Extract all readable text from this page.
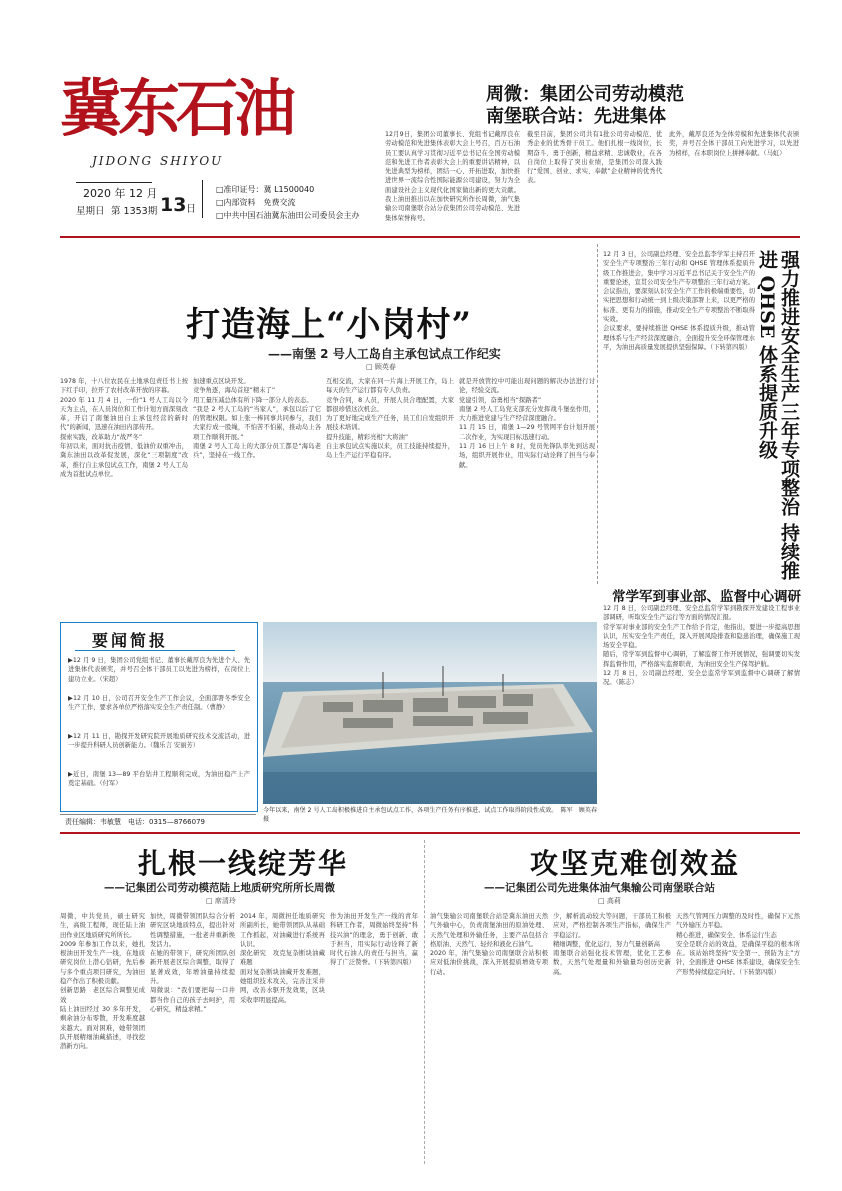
冀东石油
JIDONG SHIYOU
2020 年 12 月
星期日 第 1353期 13 日
□准印证号：冀 L1500040
□内部资料　免费交流
□中共中国石油冀东油田公司委员会主办
周微：集团公司劳动模范
南堡联合站：先进集体
12月9日，集团公司董事长、党组书记戴厚良在劳动模范和先进集体表彰大会上号召，百万石油员工要认真学习贯彻习近平总书记在全国劳动模范和先进工作者表彰大会上的重要讲话精神，以先进典型为榜样，团结一心、开拓进取，加快推进世界一流综合性国际能源公司建设，努力为全面建设社会主义现代化国家做出新的更大贡献。我上油田推出以在加快研究所作长周微，油气集输公司南堡联合站分获集团公司劳动模范、先进集体荣誉称号。
截至目前，集团公司共有1批公司劳动模范、优秀企业的优秀骨干员工。他们扎根一线岗位，长期奋斗、勇于创新，精益求精、忠诚敬业，在各自岗位上取得了突出业绩，是集团公司深入践行“爱国、创业、求实、奉献”企业精神的优秀代表。
此外，戴厚良还为全体劳模和先进集体代表颁奖，并号召全体干部员工向先进学习，以先进为榜样，在本职岗位上拼搏奉献。（马虹）
打造海上“小岗村”
——南堡 2 号人工岛自主承包试点工作纪实
□ 顾英春
1978 年，十八位农民在土地承包责任书上按下红手印，拉开了农村改革开放的序幕。
2020 年 11 月 4 日，一份“1 号人工岛以今天为主点，在人员岗位和工作计划方面深刻改革，开启了南堡油田自主承包经营的新时代”的新闻，迅速在油田内部传开。
探索实践，改革助力“战严冬”
年初以来，面对抗击疫情、低油价双重冲击，冀东油田以改革促发展，深化“三项制度”改革，推行自主承包试点工作，南堡 2 号人工岛成为首批试点单位。
加速重点区块开发。
竞争角逐，海岛首迎“精末了”
用工量压减总体有所下降一部分人的表态。
“我是 2 号人工岛的“当家人”，承包以后了它的管理权限。如上张一棒同事共同参与，我们大家拧成一股绳，不怕苦不怕累，推动岛上各项工作顺利开展。”
南堡 2 号人工岛上的大部分员工都是“海岛老兵”，坚持在一线工作。
互相交流，大家在同一片海上开展工作，岛上每天的生产运行都有专人负责。
竞争合同，8 人员，开展人员合理配置，大家都很珍惜这次机会。
为了更好地完成生产任务，员工们自发组织开展技术培训。
提升技能，精彩亮相“大将油”
自主承包试点实施以来，员工技能持续提升，岛上生产运行平稳有序。
就是开放管控中可能出现问题的解决办法进行讨论，经验交流。
党建引领，奋勇相当“探路者”
南堡 2 号人工岛党支部充分发挥战斗堡垒作用，大力推进党建与生产经营深度融合。
11 月 15 日，南堡 1—29 号管网平台计划开展二次作业，为实现目标迅速行动。
11 月 16 日上午 8 时，党员先锋队率先到达现场，组织开展作业，用实际行动诠释了担当与奉献。	强力推进安全生产三年专项整治 持续推进 QHSE 体系提质升级
12 月 3 日，公司副总经理、安全总监李学军主持召开安全生产专项整治三年行动和 QHSE 管理体系提质升级工作推进会，集中学习习近平总书记关于安全生产的重要论述，宣贯公司安全生产专项整治三年行动方案。
会议指出，要深刻认识安全生产工作的极端重要性，切实把思想和行动统一到上级决策部署上来，以更严格的标准、更有力的措施，推动安全生产专项整治不断取得实效。
会议要求，要持续推进 QHSE 体系提质升级，推动管理体系与生产经营深度融合，全面提升安全环保管理水平，为油田高质量发展提供坚强保障。（下转第四版）
常学军到事业部、监督中心调研
12 月 8 日，公司副总经理、安全总监常学军到勘探开发建设工程事业部调研，听取安全生产运行等方面的情况汇报。
常学军对事业部的安全生产工作给予肯定，他指出，要进一步提高思想认识，压实安全生产责任，深入开展风险排查和隐患治理，确保施工现场安全平稳。
随后，常学军到监督中心调研，了解监督工作开展情况，强调要切实发挥监督作用，严格落实监督职责，为油田安全生产保驾护航。
12 月 8 日，公司副总经理、安全总监常学军到监督中心调研了解情况。（陈志）
要闻简报
▶12 月 9 日，集团公司党组书记、董事长戴厚良为先进个人、先进集体代表颁奖，并号召全体干部员工以先进为榜样，在岗位上建功立业。（宋超）
▶12 月 10 日，公司召开安全生产工作会议，全面部署冬季安全生产工作，要求各单位严格落实安全生产责任制。（曹静）
▶12 月 11 日，勘探开发研究院开展地质研究技术交流活动，进一步提升科研人员创新能力。（魏乐言 安丽芳）
▶近日，南堡 13—89 平台钻井工程顺利完成，为油田稳产上产奠定基础。（付军）
今年以来，南堡 2 号人工岛积极推进自主承包试点工作，各项生产任务有序推进，试点工作取得阶段性成效。　陈军　顾英春　摄
责任编辑：韦敏慧　电话：0315—8766079
扎根一线绽芳华
——记集团公司劳动模范陆上地质研究所所长周微
□ 席清玲
周微，中共党员，硕士研究生，高级工程师，现任陆上油田作业区地质研究所所长。
2009 年参加工作以来，她扎根油田开发生产一线，在地质研究岗位上潜心钻研，先后参与多个重点项目研究，为油田稳产作出了积极贡献。
创新思路　老区综合调整见成效
陆上油田经过 30 多年开发，剩余油分布零散，开发难度越来越大。面对困难，她带领团队开展精细油藏描述，寻找挖潜新方向。
加快，周微带领团队综合分析研究区块地质特点，提出针对性调整措施，一批老井重新焕发活力。
在她的带领下，研究所团队创新开展老区综合调整，取得了显著成效，年增油量持续提升。
周微说：“我们要把每一口井都当作自己的孩子去呵护，用心研究，精益求精。”
2014 年，周微担任地质研究所副所长，她带领团队从基础工作抓起，对油藏进行系统再认识。
深化研究　攻克复杂断块油藏难题
面对复杂断块油藏开发难题，她组织技术攻关，完善注采井网，改善水驱开发效果，区块采收率明显提高。
作为油田开发生产一线的青年科研工作者，周微始终坚持“科技兴油”的理念，勇于创新、敢于担当，用实际行动诠释了新时代石油人的责任与担当，赢得了广泛赞誉。（下转第四版）
攻坚克难创效益
——记集团公司先进集体油气集输公司南堡联合站
□ 高莉
油气集输公司南堡联合站是冀东油田天然气外输中心，负责南堡油田的原油处理、天然气处理和外输任务，主要产品包括合格原油、天然气、轻烃和液化石油气。
2020 年，油气集输公司南堡联合站积极应对低油价挑战，深入开展提质增效专项行动。
少，解析流动较大等问题，干部员工积极应对，严格控制各项生产指标，确保生产平稳运行。
精细调整，优化运行，努力气量创新高
南堡联合站强化技术管理，优化工艺参数，天然气处理量和外输量均创历史新高。
天然气管网压力调整的及时性，确保下元然气外输压力平稳。
精心推进，确保安全、体系运行生态
安全是联合站的效益，是确保平稳的根本所在。该站始终坚持“安全第一、预防为主”方针，全面推进 QHSE 体系建设，确保安全生产形势持续稳定向好。（下转第四版）
